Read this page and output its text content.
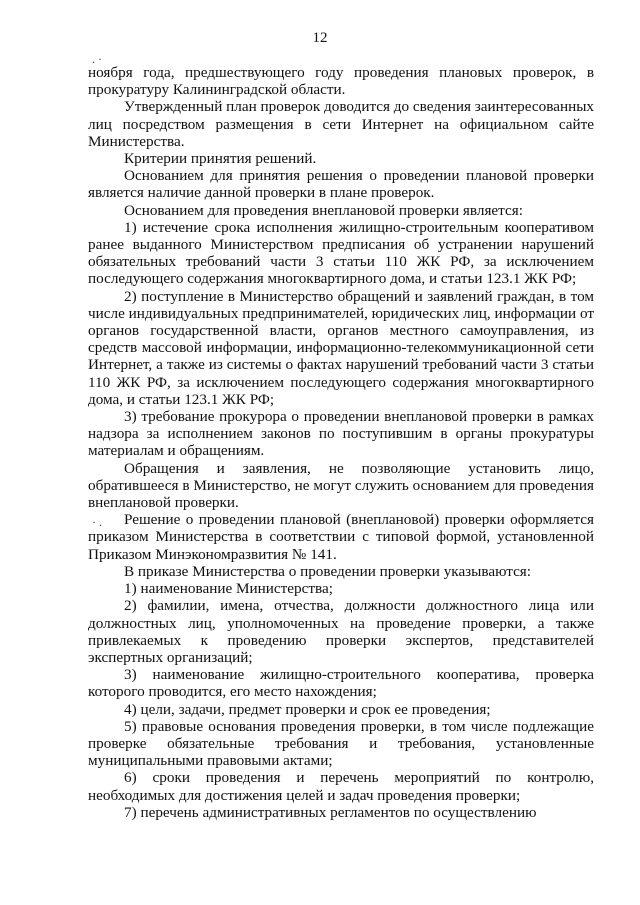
12
. ·
· .

ноября года, предшествующего году проведения плановых проверок, в прокуратуру Калининградской области.

Утвержденный план проверок доводится до сведения заинтересованных лиц посредством размещения в сети Интернет на официальном сайте Министерства.

Критерии принятия решений.

Основанием для принятия решения о проведении плановой проверки является наличие данной проверки в плане проверок.

Основанием для проведения внеплановой проверки является:

1) истечение срока исполнения жилищно-строительным кооперативом ранее выданного Министерством предписания об устранении нарушений обязательных требований части 3 статьи 110 ЖК РФ, за исключением последующего содержания многоквартирного дома, и статьи 123.1 ЖК РФ;

2) поступление в Министерство обращений и заявлений граждан, в том числе индивидуальных предпринимателей, юридических лиц, информации от органов государственной власти, органов местного самоуправления, из средств массовой информации, информационно-телекоммуникационной сети Интернет, а также из системы о фактах нарушений требований части 3 статьи 110 ЖК РФ, за исключением последующего содержания многоквартирного дома, и статьи 123.1 ЖК РФ;

3) требование прокурора о проведении внеплановой проверки в рамках надзора за исполнением законов по поступившим в органы прокуратуры материалам и обращениям.

Обращения и заявления, не позволяющие установить лицо, обратившееся в Министерство, не могут служить основанием для проведения внеплановой проверки.

Решение о проведении плановой (внеплановой) проверки оформляется приказом Министерства в соответствии с типовой формой, установленной Приказом Минэкономразвития № 141.

В приказе Министерства о проведении проверки указываются:

1) наименование Министерства;

2) фамилии, имена, отчества, должности должностного лица или должностных лиц, уполномоченных на проведение проверки, а также привлекаемых к проведению проверки экспертов, представителей экспертных организаций;

3) наименование жилищно-строительного кооператива, проверка которого проводится, его место нахождения;

4) цели, задачи, предмет проверки и срок ее проведения;

5) правовые основания проведения проверки, в том числе подлежащие проверке обязательные требования и требования, установленные муниципальными правовыми актами;

6) сроки проведения и перечень мероприятий по контролю, необходимых для достижения целей и задач проведения проверки;

7) перечень административных регламентов по осуществлению
